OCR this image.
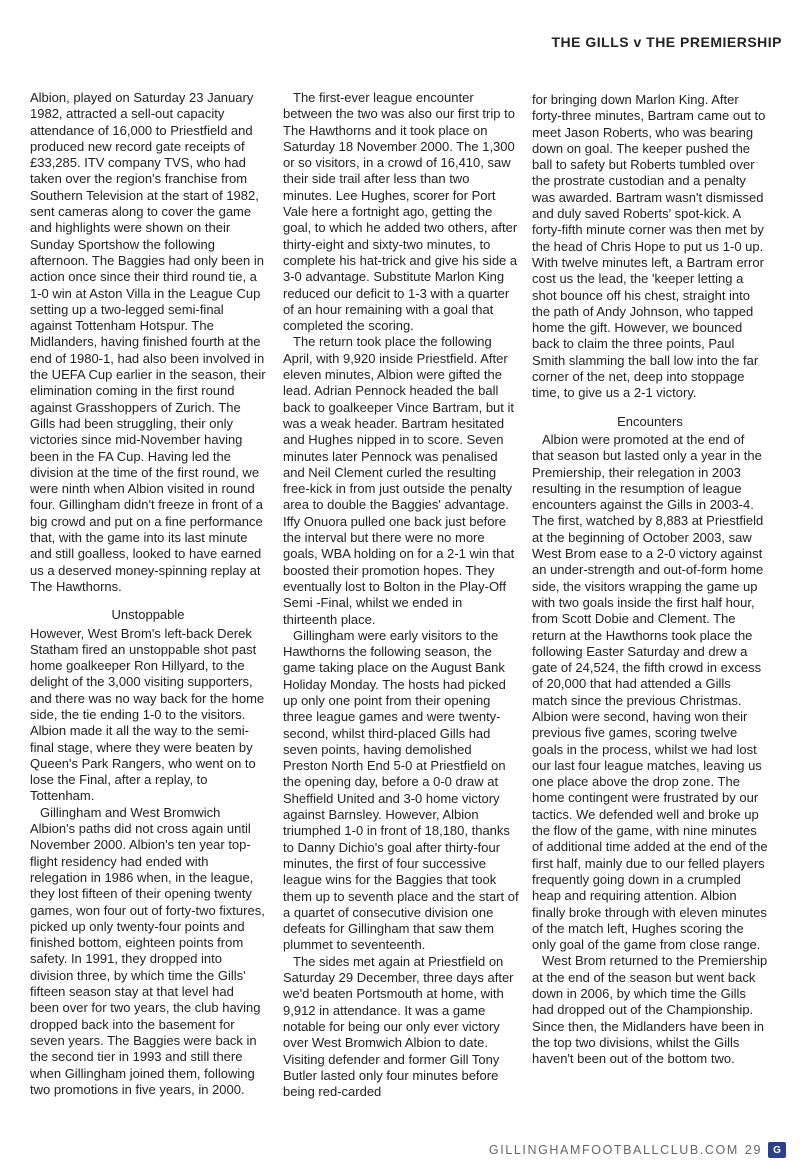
THE GILLS v THE PREMIERSHIP

Albion, played on Saturday 23 January 1982, attracted a sell-out capacity attendance of 16,000 to Priestfield and produced new record gate receipts of £33,285. ITV company TVS, who had taken over the region's franchise from Southern Television at the start of 1982, sent cameras along to cover the game and highlights were shown on their Sunday Sportshow the following afternoon. The Baggies had only been in action once since their third round tie, a 1-0 win at Aston Villa in the League Cup setting up a two-legged semi-final against Tottenham Hotspur. The Midlanders, having finished fourth at the end of 1980-1, had also been involved in the UEFA Cup earlier in the season, their elimination coming in the first round against Grasshoppers of Zurich. The Gills had been struggling, their only victories since mid-November having been in the FA Cup. Having led the division at the time of the first round, we were ninth when Albion visited in round four. Gillingham didn't freeze in front of a big crowd and put on a fine performance that, with the game into its last minute and still goalless, looked to have earned us a deserved money-spinning replay at The Hawthorns.

Unstoppable

However, West Brom's left-back Derek Statham fired an unstoppable shot past home goalkeeper Ron Hillyard, to the delight of the 3,000 visiting supporters, and there was no way back for the home side, the tie ending 1-0 to the visitors. Albion made it all the way to the semi-final stage, where they were beaten by Queen's Park Rangers, who went on to lose the Final, after a replay, to Tottenham.

Gillingham and West Bromwich Albion's paths did not cross again until November 2000. Albion's ten year top-flight residency had ended with relegation in 1986 when, in the league, they lost fifteen of their opening twenty games, won four out of forty-two fixtures, picked up only twenty-four points and finished bottom, eighteen points from safety. In 1991, they dropped into division three, by which time the Gills' fifteen season stay at that level had been over for two years, the club having dropped back into the basement for seven years. The Baggies were back in the second tier in 1993 and still there when Gillingham joined them, following two promotions in five years, in 2000.

The first-ever league encounter between the two was also our first trip to The Hawthorns and it took place on Saturday 18 November 2000. The 1,300 or so visitors, in a crowd of 16,410, saw their side trail after less than two minutes. Lee Hughes, scorer for Port Vale here a fortnight ago, getting the goal, to which he added two others, after thirty-eight and sixty-two minutes, to complete his hat-trick and give his side a 3-0 advantage. Substitute Marlon King reduced our deficit to 1-3 with a quarter of an hour remaining with a goal that completed the scoring.

The return took place the following April, with 9,920 inside Priestfield. After eleven minutes, Albion were gifted the lead. Adrian Pennock headed the ball back to goalkeeper Vince Bartram, but it was a weak header. Bartram hesitated and Hughes nipped in to score. Seven minutes later Pennock was penalised and Neil Clement curled the resulting free-kick in from just outside the penalty area to double the Baggies' advantage. Iffy Onuora pulled one back just before the interval but there were no more goals, WBA holding on for a 2-1 win that boosted their promotion hopes. They eventually lost to Bolton in the Play-Off Semi -Final, whilst we ended in thirteenth place.

Gillingham were early visitors to the Hawthorns the following season, the game taking place on the August Bank Holiday Monday. The hosts had picked up only one point from their opening three league games and were twenty-second, whilst third-placed Gills had seven points, having demolished Preston North End 5-0 at Priestfield on the opening day, before a 0-0 draw at Sheffield United and 3-0 home victory against Barnsley. However, Albion triumphed 1-0 in front of 18,180, thanks to Danny Dichio's goal after thirty-four minutes, the first of four successive league wins for the Baggies that took them up to seventh place and the start of a quartet of consecutive division one defeats for Gillingham that saw them plummet to seventeenth.

The sides met again at Priestfield on Saturday 29 December, three days after we'd beaten Portsmouth at home, with 9,912 in attendance. It was a game notable for being our only ever victory over West Bromwich Albion to date. Visiting defender and former Gill Tony Butler lasted only four minutes before being red-carded

for bringing down Marlon King. After forty-three minutes, Bartram came out to meet Jason Roberts, who was bearing down on goal. The keeper pushed the ball to safety but Roberts tumbled over the prostrate custodian and a penalty was awarded. Bartram wasn't dismissed and duly saved Roberts' spot-kick. A forty-fifth minute corner was then met by the head of Chris Hope to put us 1-0 up. With twelve minutes left, a Bartram error cost us the lead, the 'keeper letting a shot bounce off his chest, straight into the path of Andy Johnson, who tapped home the gift. However, we bounced back to claim the three points, Paul Smith slamming the ball low into the far corner of the net, deep into stoppage time, to give us a 2-1 victory.

Encounters

Albion were promoted at the end of that season but lasted only a year in the Premiership, their relegation in 2003 resulting in the resumption of league encounters against the Gills in 2003-4. The first, watched by 8,883 at Priestfield at the beginning of October 2003, saw West Brom ease to a 2-0 victory against an under-strength and out-of-form home side, the visitors wrapping the game up with two goals inside the first half hour, from Scott Dobie and Clement. The return at the Hawthorns took place the following Easter Saturday and drew a gate of 24,524, the fifth crowd in excess of 20,000 that had attended a Gills match since the previous Christmas. Albion were second, having won their previous five games, scoring twelve goals in the process, whilst we had lost our last four league matches, leaving us one place above the drop zone. The home contingent were frustrated by our tactics. We defended well and broke up the flow of the game, with nine minutes of additional time added at the end of the first half, mainly due to our felled players frequently going down in a crumpled heap and requiring attention. Albion finally broke through with eleven minutes of the match left, Hughes scoring the only goal of the game from close range.

West Brom returned to the Premiership at the end of the season but went back down in 2006, by which time the Gills had dropped out of the Championship. Since then, the Midlanders have been in the top two divisions, whilst the Gills haven't been out of the bottom two.

GILLINGHAMFOOTBALLCLUB.COM 29	G
